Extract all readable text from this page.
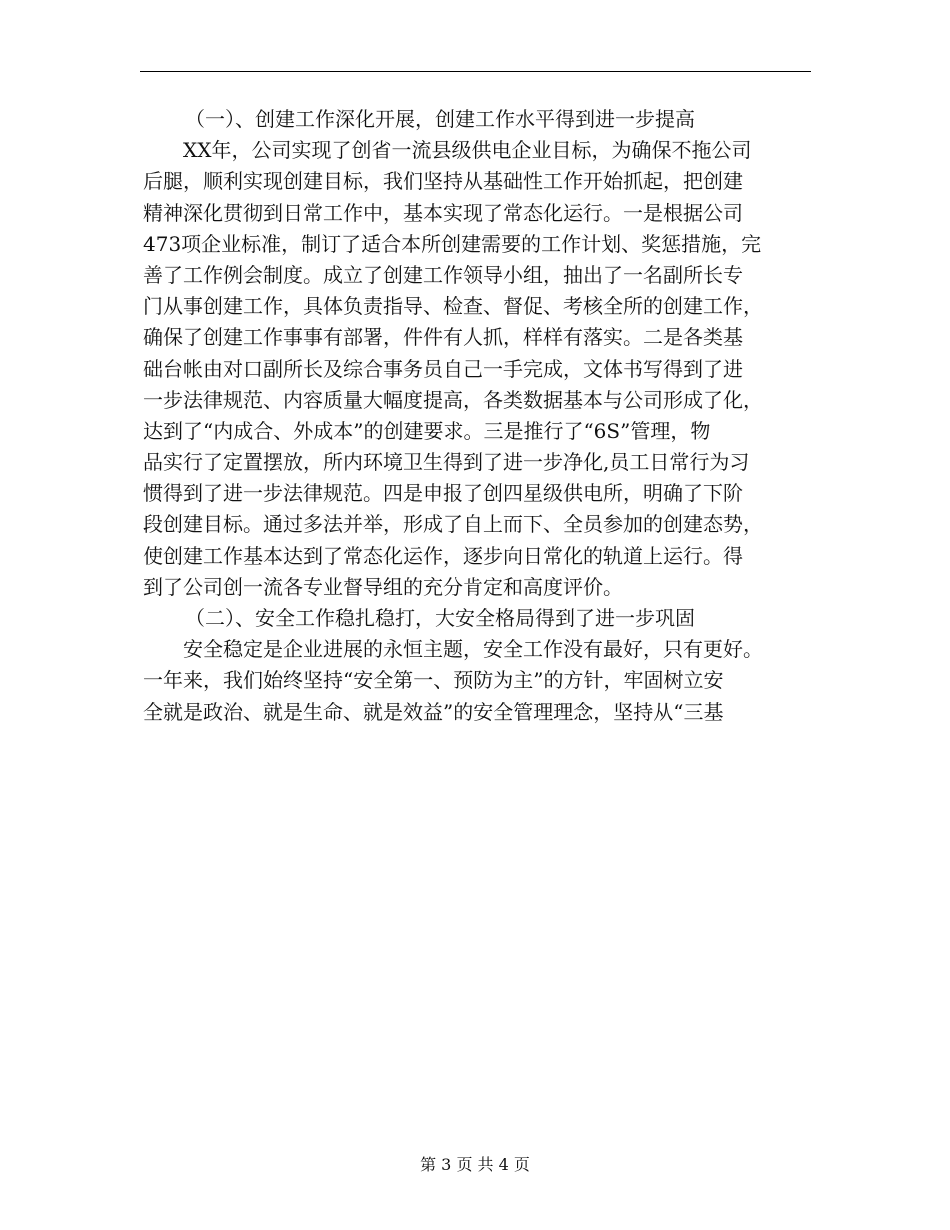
（一）、创建工作深化开展，创建工作水平得到进一步提高
　　XX年，公司实现了创省一流县级供电企业目标，为确保不拖公司
后腿，顺利实现创建目标，我们坚持从基础性工作开始抓起，把创建
精神深化贯彻到日常工作中，基本实现了常态化运行。一是根据公司
473项企业标准，制订了适合本所创建需要的工作计划、奖惩措施，完
善了工作例会制度。成立了创建工作领导小组，抽出了一名副所长专
门从事创建工作，具体负责指导、检查、督促、考核全所的创建工作，
确保了创建工作事事有部署，件件有人抓，样样有落实。二是各类基
础台帐由对口副所长及综合事务员自己一手完成，文体书写得到了进
一步法律规范、内容质量大幅度提高，各类数据基本与公司形成了化，
达到了“内成合、外成本”的创建要求。三是推行了“6S”管理，物
品实行了定置摆放，所内环境卫生得到了进一步净化,员工日常行为习
惯得到了进一步法律规范。四是申报了创四星级供电所，明确了下阶
段创建目标。通过多法并举，形成了自上而下、全员参加的创建态势，
使创建工作基本达到了常态化运作，逐步向日常化的轨道上运行。得
到了公司创一流各专业督导组的充分肯定和高度评价。
（二）、安全工作稳扎稳打，大安全格局得到了进一步巩固
　　安全稳定是企业进展的永恒主题，安全工作没有最好，只有更好。
一年来，我们始终坚持“安全第一、预防为主”的方针，牢固树立安
全就是政治、就是生命、就是效益”的安全管理理念，坚持从“三基
第 3 页 共 4 页
